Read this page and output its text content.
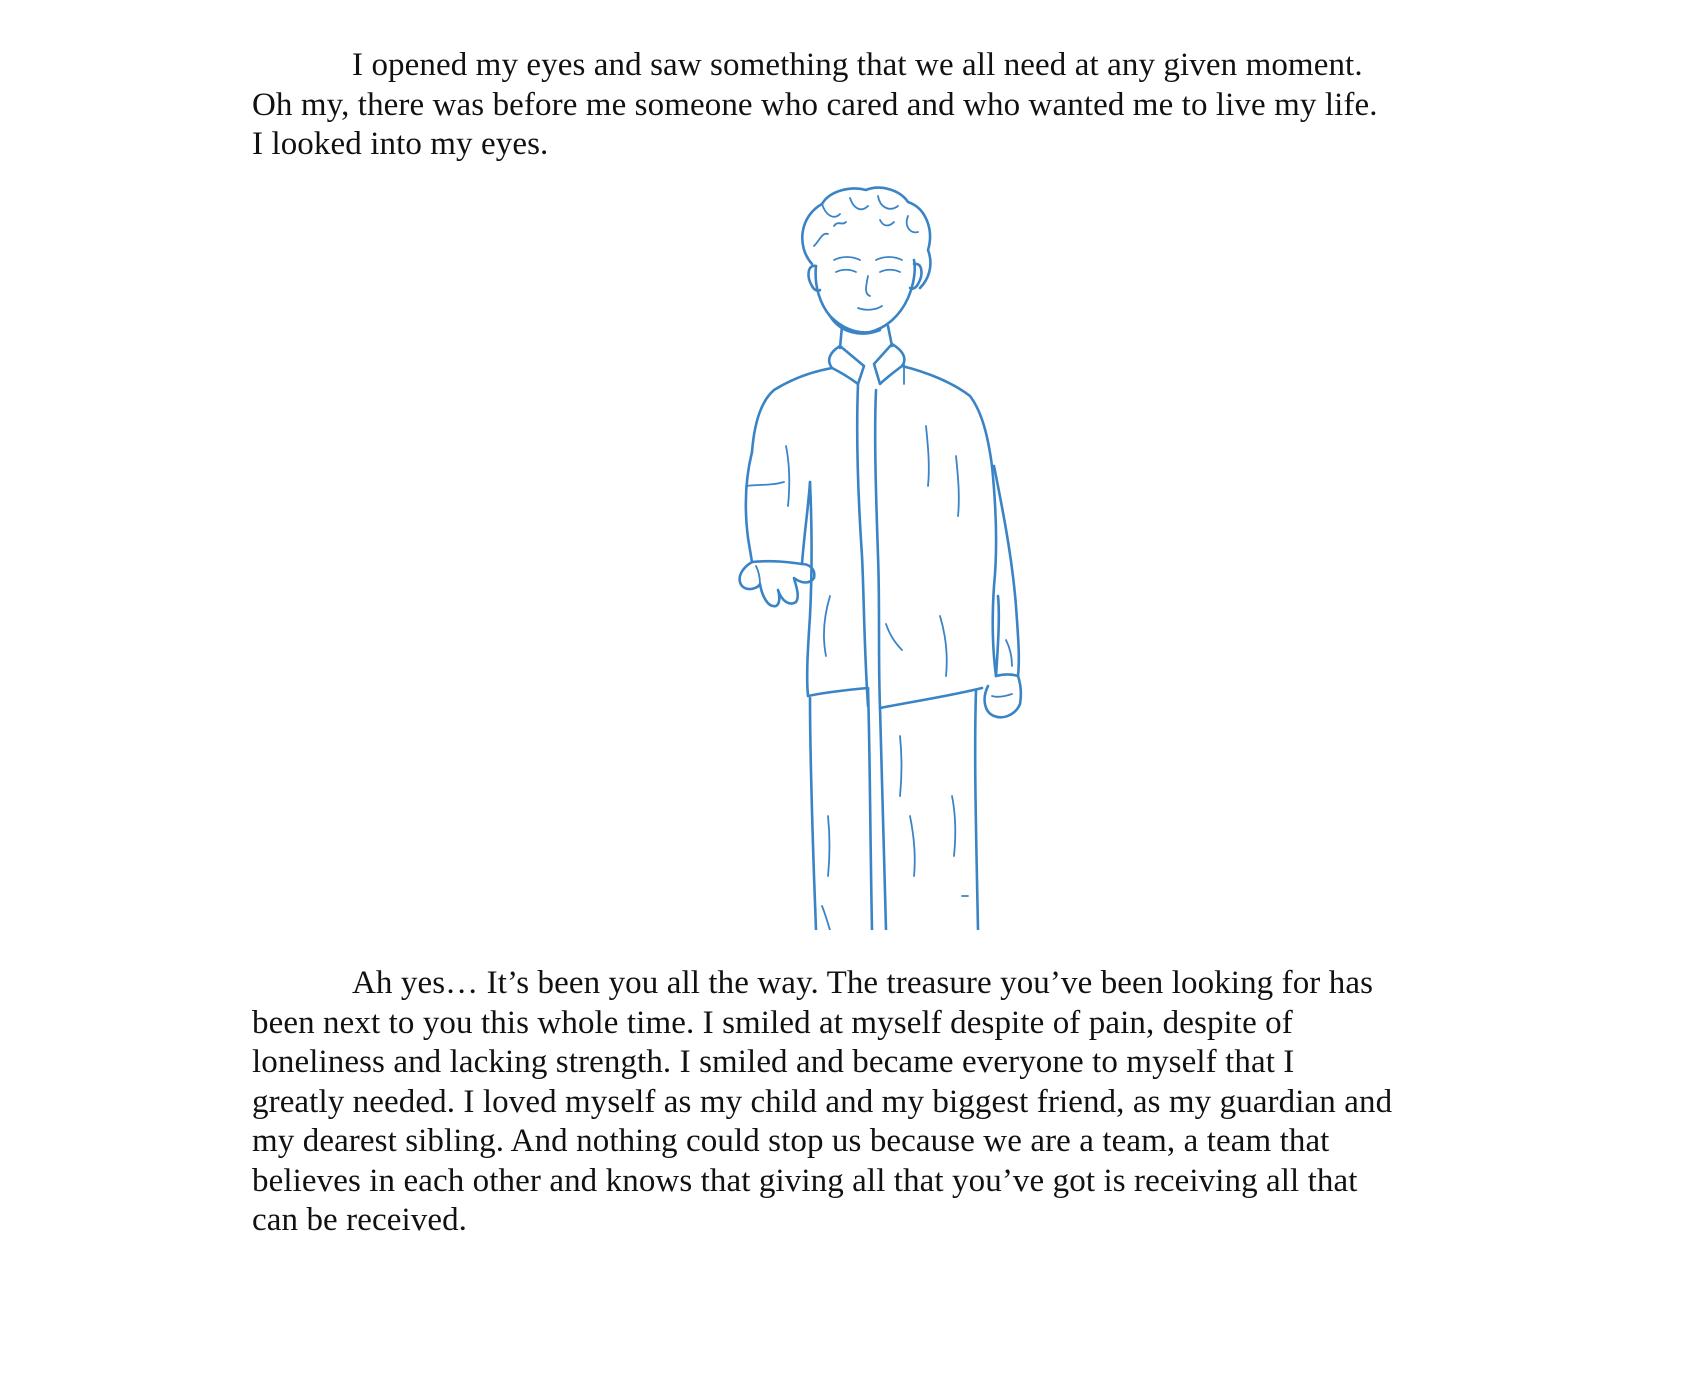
I opened my eyes and saw something that we all need at any given moment.
Oh my, there was before me someone who cared and who wanted me to live my life.
I looked into my eyes.

Ah yes… It’s been you all the way. The treasure you’ve been looking for has
been next to you this whole time. I smiled at myself despite of pain, despite of
loneliness and lacking strength. I smiled and became everyone to myself that I
greatly needed. I loved myself as my child and my biggest friend, as my guardian and
my dearest sibling. And nothing could stop us because we are a team, a team that
believes in each other and knows that giving all that you’ve got is receiving all that
can be received.
